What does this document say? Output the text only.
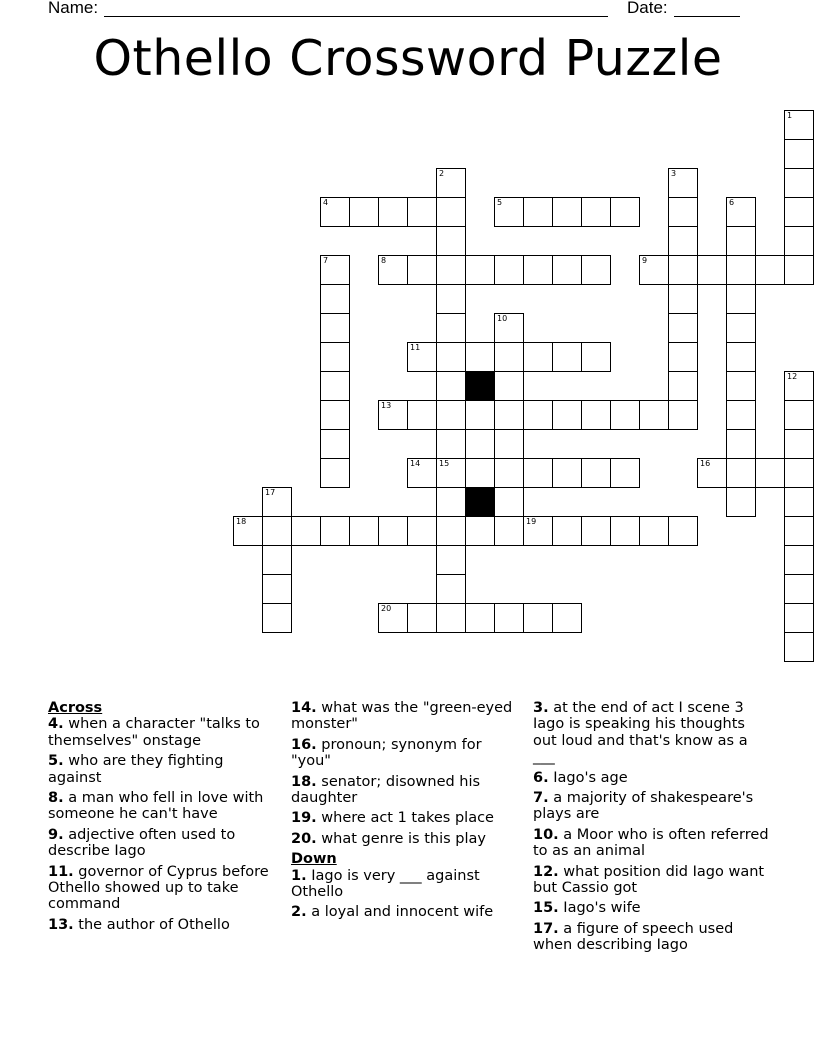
Name:	Date:
Othello Crossword Puzzle
1
2
15
3
4	5	6
7	8	9
10
11
12
13
14	16
17
18	19
20
Across
4. when a character "talks to themselves" onstage
5. who are they fighting against
8. a man who fell in love with someone he can't have
9. adjective often used to describe Iago
11. governor of Cyprus before Othello showed up to take command
13. the author of Othello
14. what was the "green-eyed monster"
16. pronoun; synonym for "you"
18. senator; disowned his daughter
19. where act 1 takes place
20. what genre is this play
Down
1. Iago is very ___ against Othello
2. a loyal and innocent wife
3. at the end of act I scene 3 Iago is speaking his thoughts out loud and that's know as a ___
6. Iago's age
7. a majority of shakespeare's plays are
10. a Moor who is often referred to as an animal
12. what position did Iago want but Cassio got
15. Iago's wife
17. a figure of speech used when describing Iago
